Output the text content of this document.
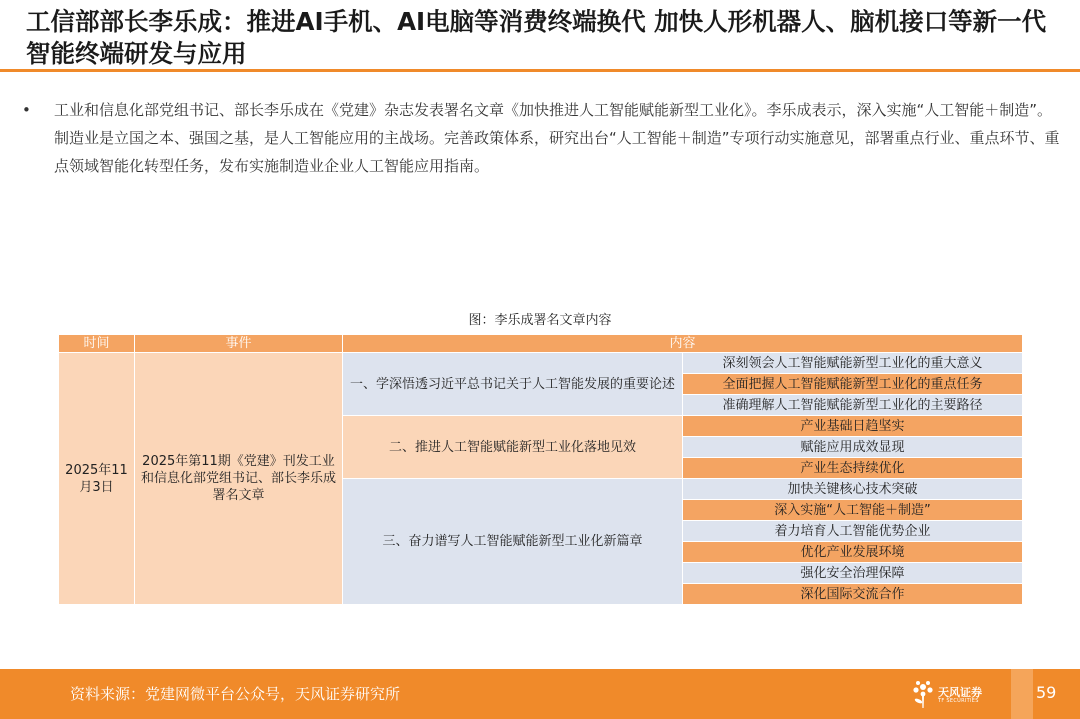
工信部部长李乐成：推进AI手机、AI电脑等消费终端换代 加快人形机器人、脑机接口等新一代智能终端研发与应用
• 工业和信息化部党组书记、部长李乐成在《党建》杂志发表署名文章《加快推进人工智能赋能新型工业化》。李乐成表示，深入实施“人工智能＋制造”。制造业是立国之本、强国之基，是人工智能应用的主战场。完善政策体系，研究出台“人工智能＋制造”专项行动实施意见，部署重点行业、重点环节、重点领域智能化转型任务，发布实施制造业企业人工智能应用指南。
图：李乐成署名文章内容
时间	事件	内容	
2025年11月3日	2025年第11期《党建》刊发工业和信息化部党组书记、部长李乐成署名文章	一、学深悟透习近平总书记关于人工智能发展的重要论述	深刻领会人工智能赋能新型工业化的重大意义
			全面把握人工智能赋能新型工业化的重点任务
			准确理解人工智能赋能新型工业化的主要路径
		二、推进人工智能赋能新型工业化落地见效	产业基础日趋坚实
			赋能应用成效显现
			产业生态持续优化
		三、奋力谱写人工智能赋能新型工业化新篇章	加快关键核心技术突破
			深入实施“人工智能＋制造”
			着力培育人工智能优势企业
			优化产业发展环境
			强化安全治理保障
			深化国际交流合作
资料来源：党建网微平台公众号，天风证券研究所	天风证券
TF SECURITIES	59
